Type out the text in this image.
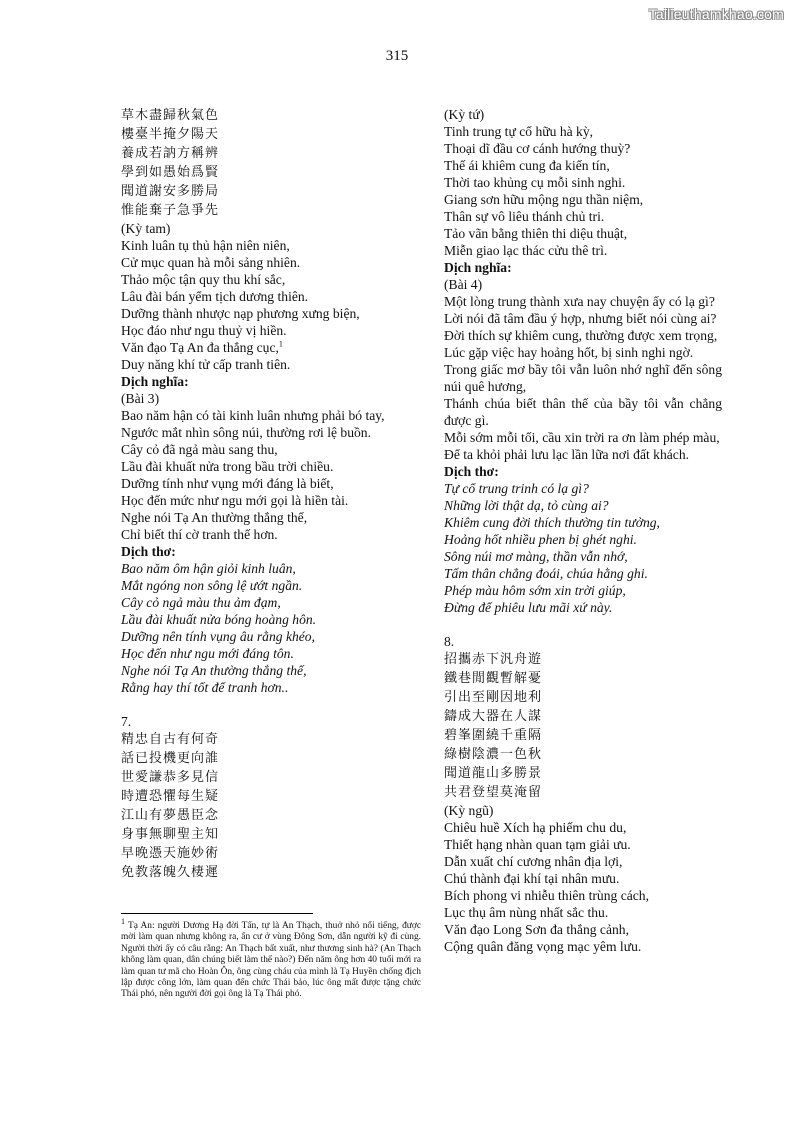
Tailieuthamkhao.com
315
草木盡歸秋氣色
樓臺半掩夕陽天
養成若訥方稱辨
學到如愚始爲賢
聞道謝安多勝局
惟能棄子急爭先
(Kỳ tam)
Kinh luân tụ thủ hận niên niên,
Cử mục quan hà mỗi sảng nhiên.
Thảo mộc tận quy thu khí sắc,
Lâu đài bán yểm tịch dương thiên.
Dưỡng thành nhược nạp phương xưng biện,
Học đáo như ngu thuỷ vị hiền.
Văn đạo Tạ An đa thắng cục,$^1$
Duy năng khí tử cấp tranh tiên.
Dịch nghĩa:
(Bài 3)
Bao năm hận có tài kinh luân nhưng phải bó tay,
Ngước mắt nhìn sông núi, thường rơi lệ buồn.
Cây cỏ đã ngả màu sang thu,
Lầu đài khuất nửa trong bầu trời chiều.
Dưỡng tính như vụng mới đáng là biết,
Học đến mức như ngu mới gọi là hiền tài.
Nghe nói Tạ An thường thắng thế,
Chỉ biết thí cờ tranh thế hơn.
Dịch thơ:
Bao năm ôm hận giỏi kinh luân,
Mắt ngóng non sông lệ ướt ngần.
Cây cỏ ngả màu thu ảm đạm,
Lầu đài khuất nửa bóng hoàng hôn.
Dưỡng nên tính vụng âu rằng khéo,
Học đến như ngu mới đáng tôn.
Nghe nói Tạ An thường thắng thế,
Rằng hay thí tốt để tranh hơn..
7.
精忠自古有何奇
話已投機更向誰
世愛謙恭多見信
時遭恐懼每生疑
江山有夢愚臣念
身事無聊聖主知
早晚憑天施妙術
免教落魄久棲遲
(Kỳ tứ)
Tinh trung tự cổ hữu hà kỳ,
Thoại dĩ đầu cơ cánh hướng thuỳ?
Thế ái khiêm cung đa kiến tín,
Thời tao khủng cụ mỗi sinh nghi.
Giang sơn hữu mộng ngu thần niệm,
Thân sự vô liêu thánh chủ tri.
Tảo vãn bằng thiên thi diệu thuật,
Miễn giao lạc thác cửu thê trì.
Dịch nghĩa:
(Bài 4)
Một lòng trung thành xưa nay chuyện ấy có lạ gì?
Lời nói đã tâm đầu ý hợp, nhưng biết nói cùng ai?
Đời thích sự khiêm cung, thường được xem trọng,
Lúc gặp việc hay hoảng hốt, bị sinh nghi ngờ.
Trong giấc mơ bầy tôi vẫn luôn nhớ nghĩ đến sông núi quê hương,
Thánh chúa biết thân thế của bầy tôi vẫn chẳng được gì.
Mỗi sớm mỗi tối, cầu xin trời ra ơn làm phép màu,
Để ta khỏi phải lưu lạc lần lữa nơi đất khách.
Dịch thơ:
Tự cổ trung trinh có lạ gì?
Những lời thật dạ, tỏ cùng ai?
Khiêm cung đời thích thường tin tưởng,
Hoảng hốt nhiều phen bị ghét nghi.
Sông núi mơ màng, thần vẫn nhớ,
Tấm thân chẳng đoái, chúa hằng ghi.
Phép màu hôm sớm xin trời giúp,
Đừng để phiêu lưu mãi xứ này.
8.
招攜赤下汎舟遊
鐵巷閒觀暫解憂
引出至剛因地利
鑄成大器在人謀
碧峯圍繞千重隔
綠樹陰濃一色秋
聞道龍山多勝景
共君登望莫淹留
(Kỳ ngũ)
Chiêu huề Xích hạ phiếm chu du,
Thiết hạng nhàn quan tạm giải ưu.
Dẫn xuất chí cương nhân địa lợi,
Chú thành đại khí tại nhân mưu.
Bích phong vi nhiễu thiên trùng cách,
Lục thụ âm nùng nhất sắc thu.
Văn đạo Long Sơn đa thắng cảnh,
Cộng quân đăng vọng mạc yêm lưu.
$^1$ Tạ An: người Dương Hạ đời Tấn, tự là An Thạch, thuở nhỏ nổi tiếng, được mời làm quan nhưng không ra, ẩn cư ở vùng Đông Sơn, dẫn người kỹ đi cùng. Người thời ấy có câu rằng: An Thạch bất xuất, như thương sinh hà? (An Thạch không làm quan, dân chúng biết làm thế nào?) Đến năm ông hơn 40 tuổi mới ra làm quan tư mã cho Hoàn Ôn, ông cùng cháu của mình là Tạ Huyền chống địch lập được công lớn, làm quan đến chức Thái bảo, lúc ông mất được tặng chức Thái phó, nên người đời gọi ông là Tạ Thái phó.
